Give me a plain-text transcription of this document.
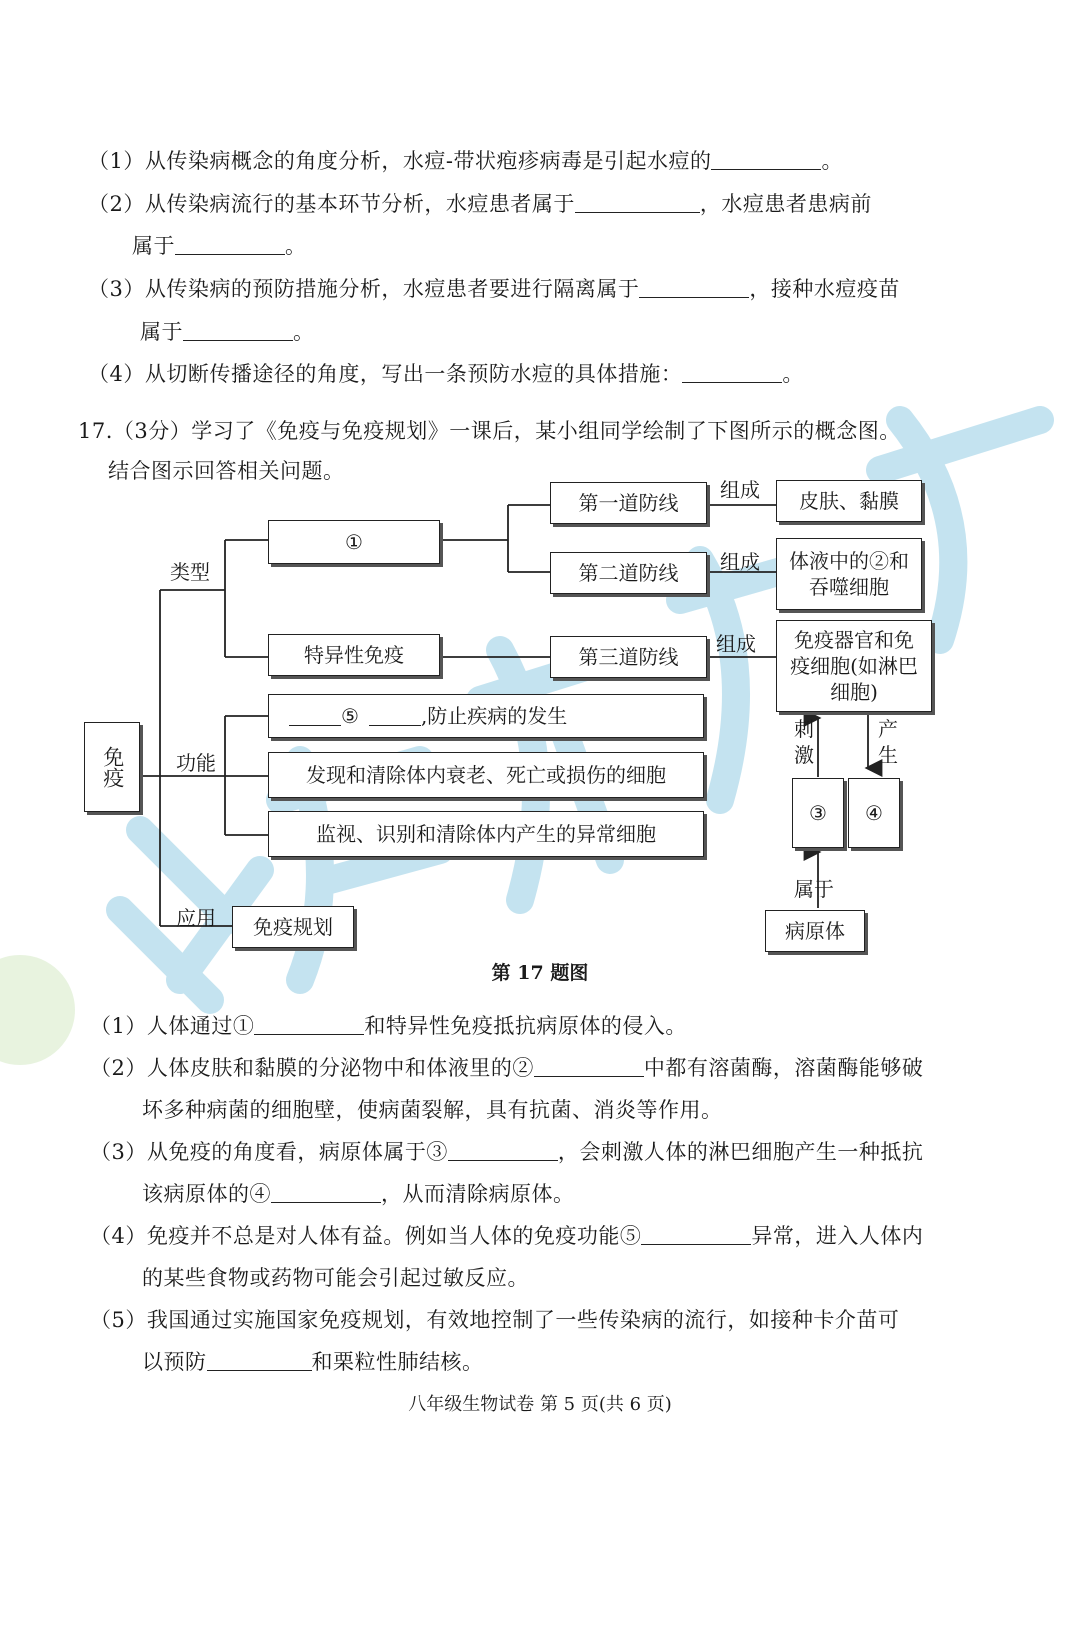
（1）从传染病概念的角度分析，水痘-带状疱疹病毒是引起水痘的	。
（2）从传染病流行的基本环节分析，水痘患者属于	，水痘患者患病前
属于	。
（3）从传染病的预防措施分析，水痘患者要进行隔离属于	，接种水痘疫苗
属于	。
（4）从切断传播途径的角度，写出一条预防水痘的具体措施：	。
17.（3分）学习了《免疫与免疫规划》一课后，某小组同学绘制了下图所示的概念图。
结合图示回答相关问题。
免疫
类型
功能
应用
①
特异性免疫
第一道防线
第二道防线
第三道防线
组成
组成
组成
皮肤、黏膜
体液中的②和吞噬细胞
免疫器官和免疫细胞(如淋巴细胞)
⑤	,防止疾病的发生
发现和清除体内衰老、死亡或损伤的细胞
监视、识别和清除体内产生的异常细胞
免疫规划
刺激
产生
③	④
属于
病原体
第 17 题图
（1）人体通过①	和特异性免疫抵抗病原体的侵入。
（2）人体皮肤和黏膜的分泌物中和体液里的②	中都有溶菌酶，溶菌酶能够破
坏多种病菌的细胞壁，使病菌裂解，具有抗菌、消炎等作用。
（3）从免疫的角度看，病原体属于③	，会刺激人体的淋巴细胞产生一种抵抗
该病原体的④	，从而清除病原体。
（4）免疫并不总是对人体有益。例如当人体的免疫功能⑤	异常，进入人体内
的某些食物或药物可能会引起过敏反应。
（5）我国通过实施国家免疫规划，有效地控制了一些传染病的流行，如接种卡介苗可
以预防	和栗粒性肺结核。
八年级生物试卷 第 5 页(共 6 页)
